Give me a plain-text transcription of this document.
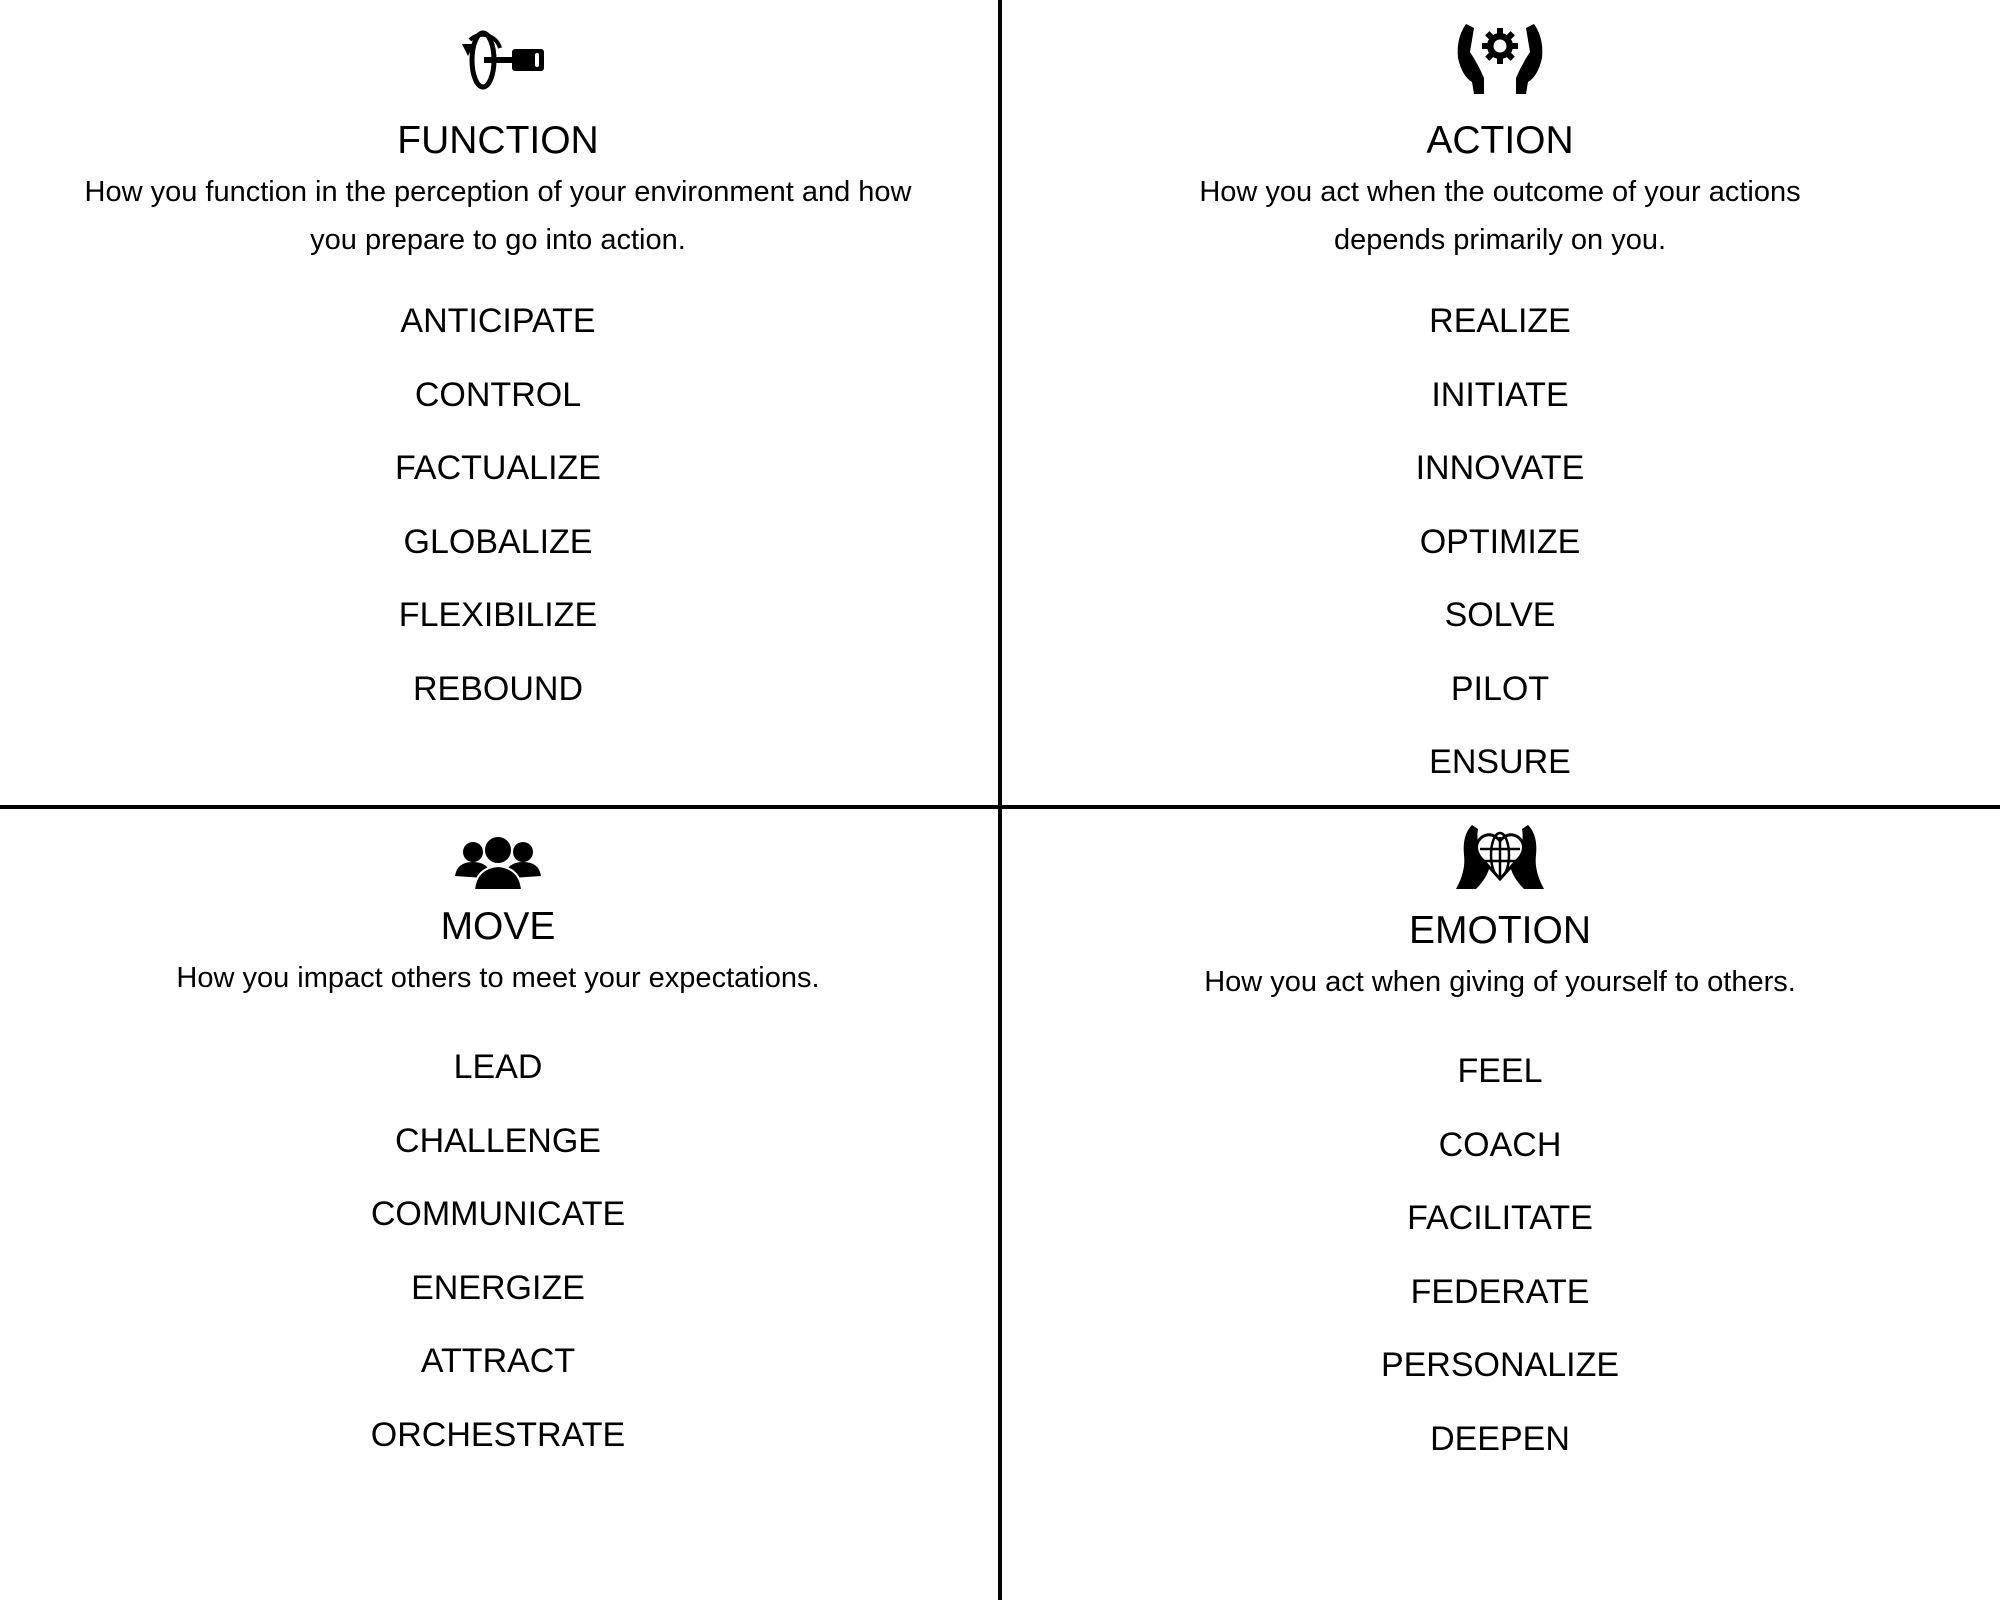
FUNCTION

How you function in the perception of your environment and how
you prepare to go into action.

ANTICIPATE
CONTROL
FACTUALIZE
GLOBALIZE
FLEXIBILIZE
REBOUND
ACTION

How you act when the outcome of your actions
depends primarily on you.

REALIZE
INITIATE
INNOVATE
OPTIMIZE
SOLVE
PILOT
ENSURE
MOVE

How you impact others to meet your expectations.

LEAD
CHALLENGE
COMMUNICATE
ENERGIZE
ATTRACT
ORCHESTRATE
EMOTION

How you act when giving of yourself to others.

FEEL
COACH
FACILITATE
FEDERATE
PERSONALIZE
DEEPEN
